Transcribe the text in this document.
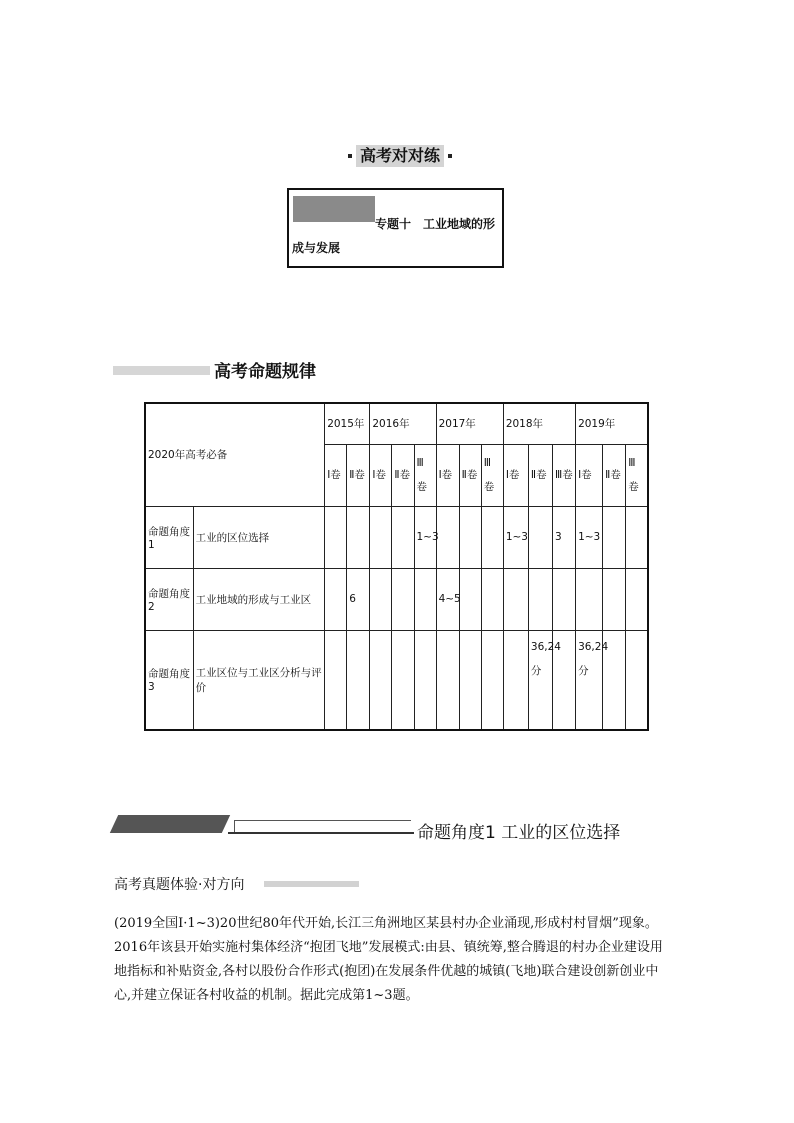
高考对对练
专题十　工业地域的形
成与发展
高考命题规律
2020年高考必备		2015年		2016年			2017年			2018年			2019年		
		Ⅰ卷	Ⅱ卷	Ⅰ卷	Ⅱ卷	Ⅲ卷	Ⅰ卷	Ⅱ卷	Ⅲ卷	Ⅰ卷	Ⅱ卷	Ⅲ卷	Ⅰ卷	Ⅱ卷	Ⅲ卷
命题角度1	工业的区位选择					1~3				1~3		3	1~3		
命题角度2	工业地域的形成与工业区		6				4~5								
命题角度3	工业区位与工业区分析与评价										36,24分		36,24分		
命题角度1 工业的区位选择
高考真题体验·对方向
(2019全国Ⅰ·1~3)20世纪80年代开始,长江三角洲地区某县村办企业涌现,形成村村冒烟”现象。2016年该县开始实施村集体经济“抱团飞地”发展模式:由县、镇统筹,整合腾退的村办企业建设用地指标和补贴资金,各村以股份合作形式(抱团)在发展条件优越的城镇(飞地)联合建设创新创业中心,并建立保证各村收益的机制。据此完成第1~3题。
